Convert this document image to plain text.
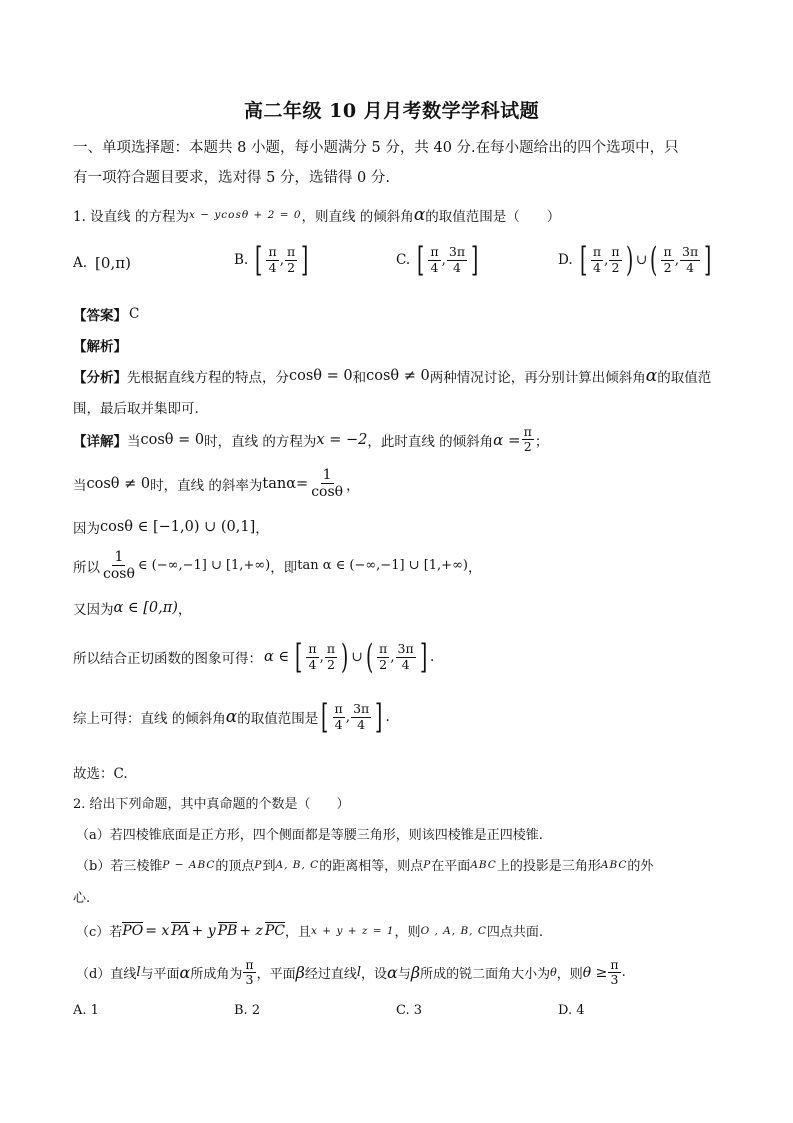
高二年级 10 月月考数学学科试题
一、单项选择题：本题共 8 小题，每小题满分 5 分，共 40 分.在每小题给出的四个选项中，只
有一项符合题目要求，选对得 5 分，选错得 0 分.
1. 设直线 的方程为 x − ycosθ + 2 = 0 ，则直线 的倾斜角 α 的取值范围是（　　）
A. [0,π)	B. [ $\frac{\pi}{4}$ , $\frac{\pi}{2}$ ]	C. [ $\frac{\pi}{4}$ , $\frac{3\pi}{4}$ ]	D. [ $\frac{\pi}{4}$ , $\frac{\pi}{2}$ ) ∪ ( $\frac{\pi}{2}$ , $\frac{3\pi}{4}$ ]
【答案】 C
【解析】
【分析】 先根据直线方程的特点，分 cosθ = 0 和 cosθ ≠ 0 两种情况讨论，再分别计算出倾斜角 α 的取值范
围，最后取并集即可.
【详解】 当 cosθ = 0 时，直线 的方程为 x = −2 ，此时直线 的倾斜角 $\alpha = \frac{\pi}{2}$ ；
当 cosθ ≠ 0 时，直线 的斜率为 $\tan\alpha= \frac{1}{\cos\theta}$ ，
因为 cosθ ∈ [−1,0) ∪ (0,1] ，
所以 $\frac{1}{\cos\theta}$ ∈ (−∞,−1] ∪ [1,+∞) ，即 tan α ∈ (−∞,−1] ∪ [1,+∞) ，
又因为 α ∈ [0,π) ，
所以结合正切函数的图象可得： α ∈ [ $\frac{\pi}{4}$ , $\frac{\pi}{2}$ ) ∪ ( $\frac{\pi}{2}$ , $\frac{3\pi}{4}$ ] .
综上可得：直线 的倾斜角 α 的取值范围是 [ $\frac{\pi}{4}$ , $\frac{3\pi}{4}$ ] .
故选：C.
2. 给出下列命题，其中真命题的个数是（　　）
（a）若四棱锥底面是正方形，四个侧面都是等腰三角形，则该四棱锥是正四棱锥.
（b）若三棱锥 P − ABC 的顶点 P 到 A, B, C 的距离相等，则点 P 在平面 ABC 上的投影是三角形 ABC 的外
心.
（c）若 PO = x PA + y PB + z PC ，且 x + y + z = 1 ，则 O , A, B, C 四点共面.
（d）直线 l 与平面 α 所成角为 $\frac{\pi}{3}$ ，平面 β 经过直线 l ，设 α 与 β 所成的锐二面角大小为 θ ，则 $\theta \ge \frac{\pi}{3}$ .
A. 1	B. 2	C. 3	D. 4
